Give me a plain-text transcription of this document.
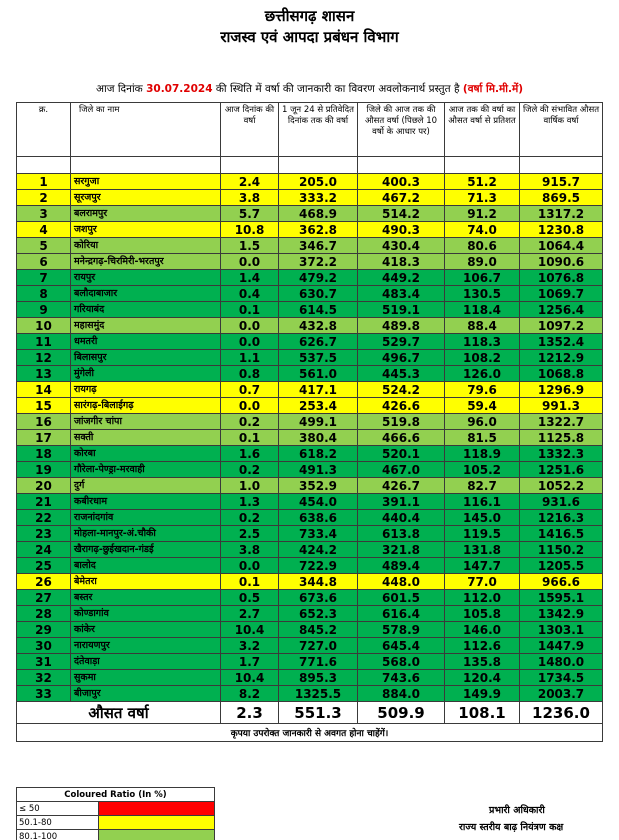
छत्तीसगढ़ शासन
राजस्व एवं आपदा प्रबंधन विभाग
आज दिनांक 30.07.2024 की स्थिति में वर्षा की जानकारी का विवरण अवलोकनार्थ प्रस्तुत है (वर्षा मि.मी.में)
क्र.	जिले का नाम	आज दिनांक की वर्षा	1 जून 24 से प्रतिवेदित दिनांक तक की वर्षा	जिले की आज तक की औसत वर्षा (पिछले 10 वर्षो के आधार पर)	आज तक की वर्षा का औसत वर्षा से प्रतिशत	जिले की संभावित औसत वार्षिक वर्षा

1	सरगुजा	2.4	205.0	400.3	51.2	915.7
2	सूरजपुर	3.8	333.2	467.2	71.3	869.5
3	बलरामपुर	5.7	468.9	514.2	91.2	1317.2
4	जशपुर	10.8	362.8	490.3	74.0	1230.8
5	कोरिया	1.5	346.7	430.4	80.6	1064.4
6	मनेन्द्रगढ़-चिरमिरी-भरतपुर	0.0	372.2	418.3	89.0	1090.6
7	रायपुर	1.4	479.2	449.2	106.7	1076.8
8	बलौदाबाजार	0.4	630.7	483.4	130.5	1069.7
9	गरियाबंद	0.1	614.5	519.1	118.4	1256.4
10	महासमुंद	0.0	432.8	489.8	88.4	1097.2
11	धमतरी	0.0	626.7	529.7	118.3	1352.4
12	बिलासपुर	1.1	537.5	496.7	108.2	1212.9
13	मुंगेली	0.8	561.0	445.3	126.0	1068.8
14	रायगढ़	0.7	417.1	524.2	79.6	1296.9
15	सारंगढ़-बिलाईगढ़	0.0	253.4	426.6	59.4	991.3
16	जांजगीर चांपा	0.2	499.1	519.8	96.0	1322.7
17	सक्ती	0.1	380.4	466.6	81.5	1125.8
18	कोरबा	1.6	618.2	520.1	118.9	1332.3
19	गौरेला-पेण्ड्रा-मरवाही	0.2	491.3	467.0	105.2	1251.6
20	दुर्ग	1.0	352.9	426.7	82.7	1052.2
21	कबीरधाम	1.3	454.0	391.1	116.1	931.6
22	राजनांदगांव	0.2	638.6	440.4	145.0	1216.3
23	मोहला-मानपुर-अं.चौकी	2.5	733.4	613.8	119.5	1416.5
24	खैरागढ़-छुईखदान-गंडई	3.8	424.2	321.8	131.8	1150.2
25	बालोद	0.0	722.9	489.4	147.7	1205.5
26	बेमेतरा	0.1	344.8	448.0	77.0	966.6
27	बस्तर	0.5	673.6	601.5	112.0	1595.1
28	कोण्डागांव	2.7	652.3	616.4	105.8	1342.9
29	कांकेर	10.4	845.2	578.9	146.0	1303.1
30	नारायणपुर	3.2	727.0	645.4	112.6	1447.9
31	दंतेवाड़ा	1.7	771.6	568.0	135.8	1480.0
32	सुकमा	10.4	895.3	743.6	120.4	1734.5
33	बीजापुर	8.2	1325.5	884.0	149.9	2003.7
औसत वर्षा		2.3	551.3	509.9	108.1	1236.0
कृपया उपरोक्त जानकारी से अवगत होना चाहेंगें।						
Coloured Ratio (In %)	
≤ 50	
50.1-80	
80.1-100	
प्रभारी अधिकारी
राज्य स्तरीय बाढ़ नियंत्रण कक्ष
